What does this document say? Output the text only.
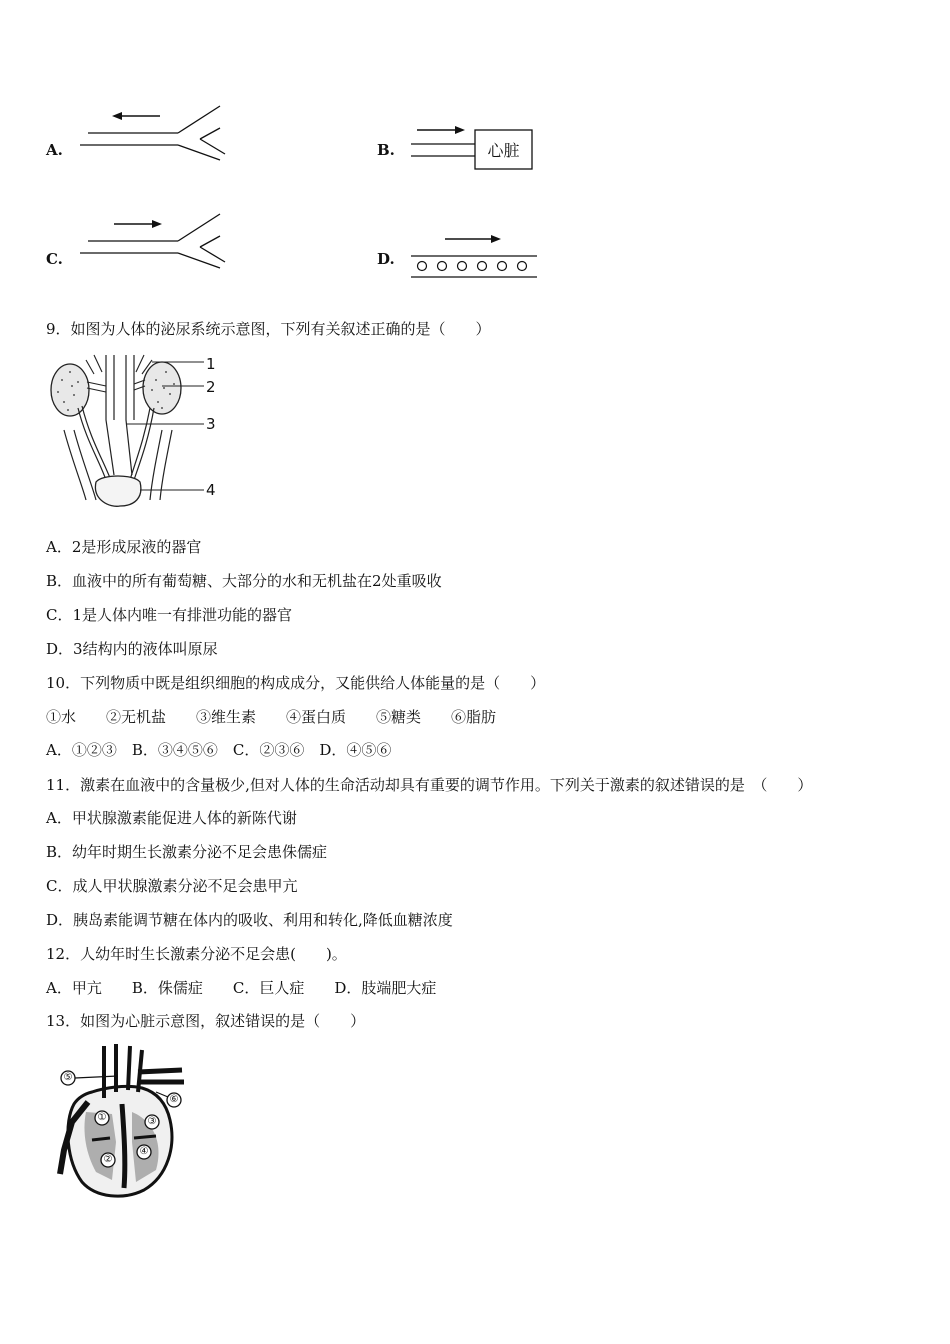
A.	B.	心脏
C.	D.
9．如图为人体的泌尿系统示意图，下列有关叙述正确的是（　　）
1
2
3
4
A．2是形成尿液的器官
B．血液中的所有葡萄糖、大部分的水和无机盐在2处重吸收
C．1是人体内唯一有排泄功能的器官
D．3结构内的液体叫原尿
10．下列物质中既是组织细胞的构成成分，又能供给人体能量的是（　　）
①水　　②无机盐　　③维生素　　④蛋白质　　⑤糖类　　⑥脂肪
A．①②③　B．③④⑤⑥　C．②③⑥　D．④⑤⑥
11．激素在血液中的含量极少,但对人体的生命活动却具有重要的调节作用。下列关于激素的叙述错误的是　（　　）
A．甲状腺激素能促进人体的新陈代谢
B．幼年时期生长激素分泌不足会患侏儒症
C．成人甲状腺激素分泌不足会患甲亢
D．胰岛素能调节糖在体内的吸收、利用和转化,降低血糖浓度
12．人幼年时生长激素分泌不足会患(　　)。
A．甲亢　　B．侏儒症　　C．巨人症　　D．肢端肥大症
13．如图为心脏示意图，叙述错误的是（　　）
⑤
⑥
①	③
②
④
